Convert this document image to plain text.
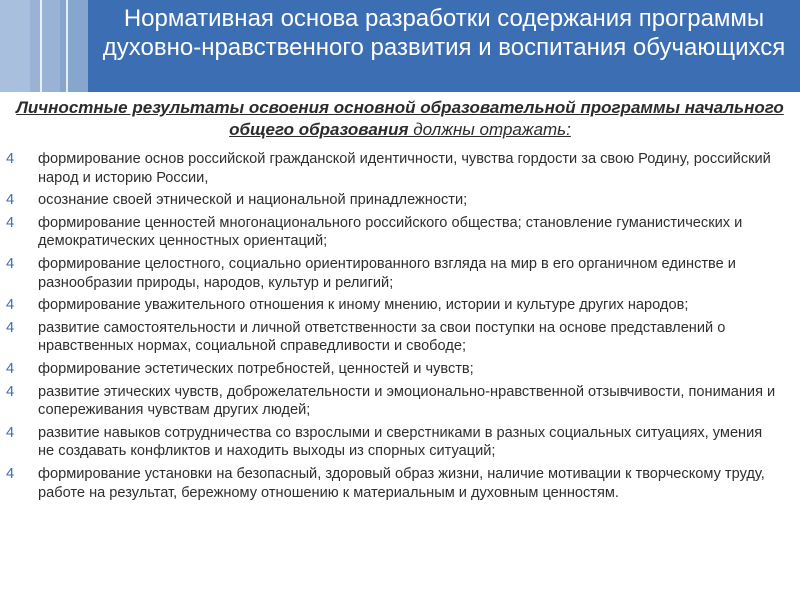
Нормативная основа разработки содержания программы духовно-нравственного развития и воспитания обучающихся
Личностные результаты освоения основной образовательной программы начального общего образования должны отражать:
4 формирование основ российской гражданской идентичности, чувства гордости за свою Родину, российский народ и историю России,
4 осознание своей этнической и национальной принадлежности;
4 формирование ценностей многонационального российского общества; становление гуманистических и демократических ценностных ориентаций;
4 формирование целостного, социально ориентированного взгляда на мир в его органичном единстве и разнообразии природы, народов, культур и религий;
4 формирование уважительного отношения к иному мнению, истории и культуре других народов;
4 развитие самостоятельности и личной ответственности за свои поступки на основе представлений о нравственных нормах, социальной справедливости и свободе;
4 формирование эстетических потребностей, ценностей и чувств;
4 развитие этических чувств, доброжелательности и эмоционально-нравственной отзывчивости, понимания и сопереживания чувствам других людей;
4 развитие навыков сотрудничества со взрослыми и сверстниками в разных социальных ситуациях, умения не создавать конфликтов и находить выходы из спорных ситуаций;
4 формирование установки на безопасный, здоровый образ жизни, наличие мотивации к творческому труду, работе на результат, бережному отношению к материальным и духовным ценностям.
